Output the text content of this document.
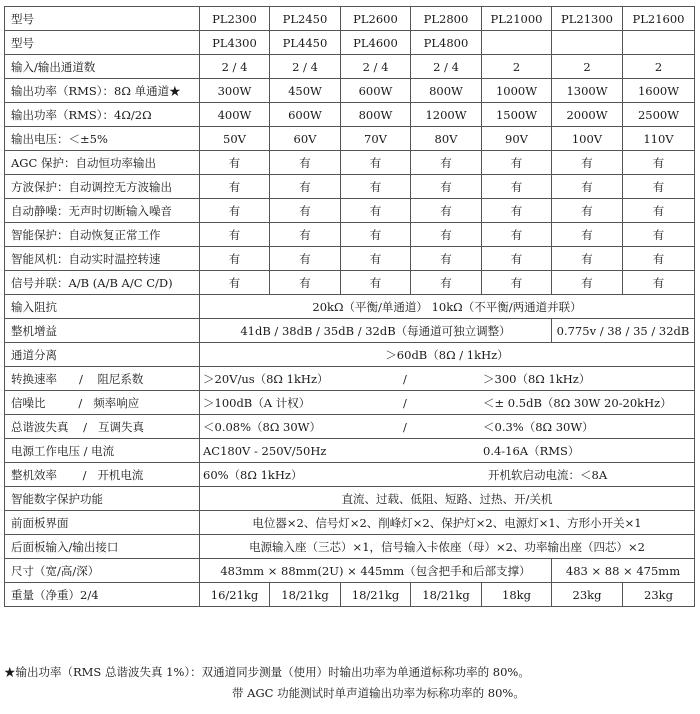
型号	PL2300	PL2450	PL2600	PL2800	PL21000	PL21300	PL21600
型号	PL4300	PL4450	PL4600	PL4800			
输入/输出通道数	2 / 4	2 / 4	2 / 4	2 / 4	2	2	2
输出功率（RMS）：8Ω 单通道★	300W	450W	600W	800W	1000W	1300W	1600W
输出功率（RMS）：4Ω/2Ω	400W	600W	800W	1200W	1500W	2000W	2500W
输出电压：＜±5%	50V	60V	70V	80V	90V	100V	110V
AGC 保护：自动恒功率输出	有	有	有	有	有	有	有
方波保护：自动调控无方波输出	有	有	有	有	有	有	有
自动静噪：无声时切断输入噪音	有	有	有	有	有	有	有
智能保护：自动恢复正常工作	有	有	有	有	有	有	有
智能风机：自动实时温控转速	有	有	有	有	有	有	有
信号并联：A/B (A/B A/C C/D)	有	有	有	有	有	有	有
输入阻抗	20kΩ（平衡/单通道） 10kΩ（不平衡/两通道并联）						
整机增益	41dB / 38dB / 35dB / 32dB（每通道可独立调整）					0.775v / 38 / 35 / 32dB	
通道分离	＞60dB（8Ω / 1kHz）						
转换速率 / 阻尼系数	＞20V/us（8Ω 1kHz） / ＞300（8Ω 1kHz）						
信噪比 / 频率响应	＞100dB（A 计权） / ＜± 0.5dB（8Ω 30W 20-20kHz）						
总谐波失真 / 互调失真	＜0.08%（8Ω 30W） / ＜0.3%（8Ω 30W）						
电源工作电压 / 电流	AC180V - 250V/50Hz 0.4-16A（RMS）						
整机效率 / 开机电流	60%（8Ω 1kHz） 开机软启动电流：＜8A						
智能数字保护功能	直流、过载、低阻、短路、过热、开/关机						
前面板界面	电位器×2、信号灯×2、削峰灯×2、保护灯×2、电源灯×1、方形小开关×1						
后面板输入/输出接口	电源输入座（三芯）×1，信号输入卡侬座（母）×2、功率输出座（四芯）×2						
尺寸（宽/高/深）	483mm × 88mm(2U) × 445mm（包含把手和后部支撑）					483 × 88 × 475mm	
重量（净重）2/4	16/21kg	18/21kg	18/21kg	18/21kg	18kg	23kg	23kg
★输出功率（RMS 总谐波失真 1%）：双通道同步测量（使用）时输出功率为单通道标称功率的 80%。
带 AGC 功能测试时单声道输出功率为标称功率的 80%。
